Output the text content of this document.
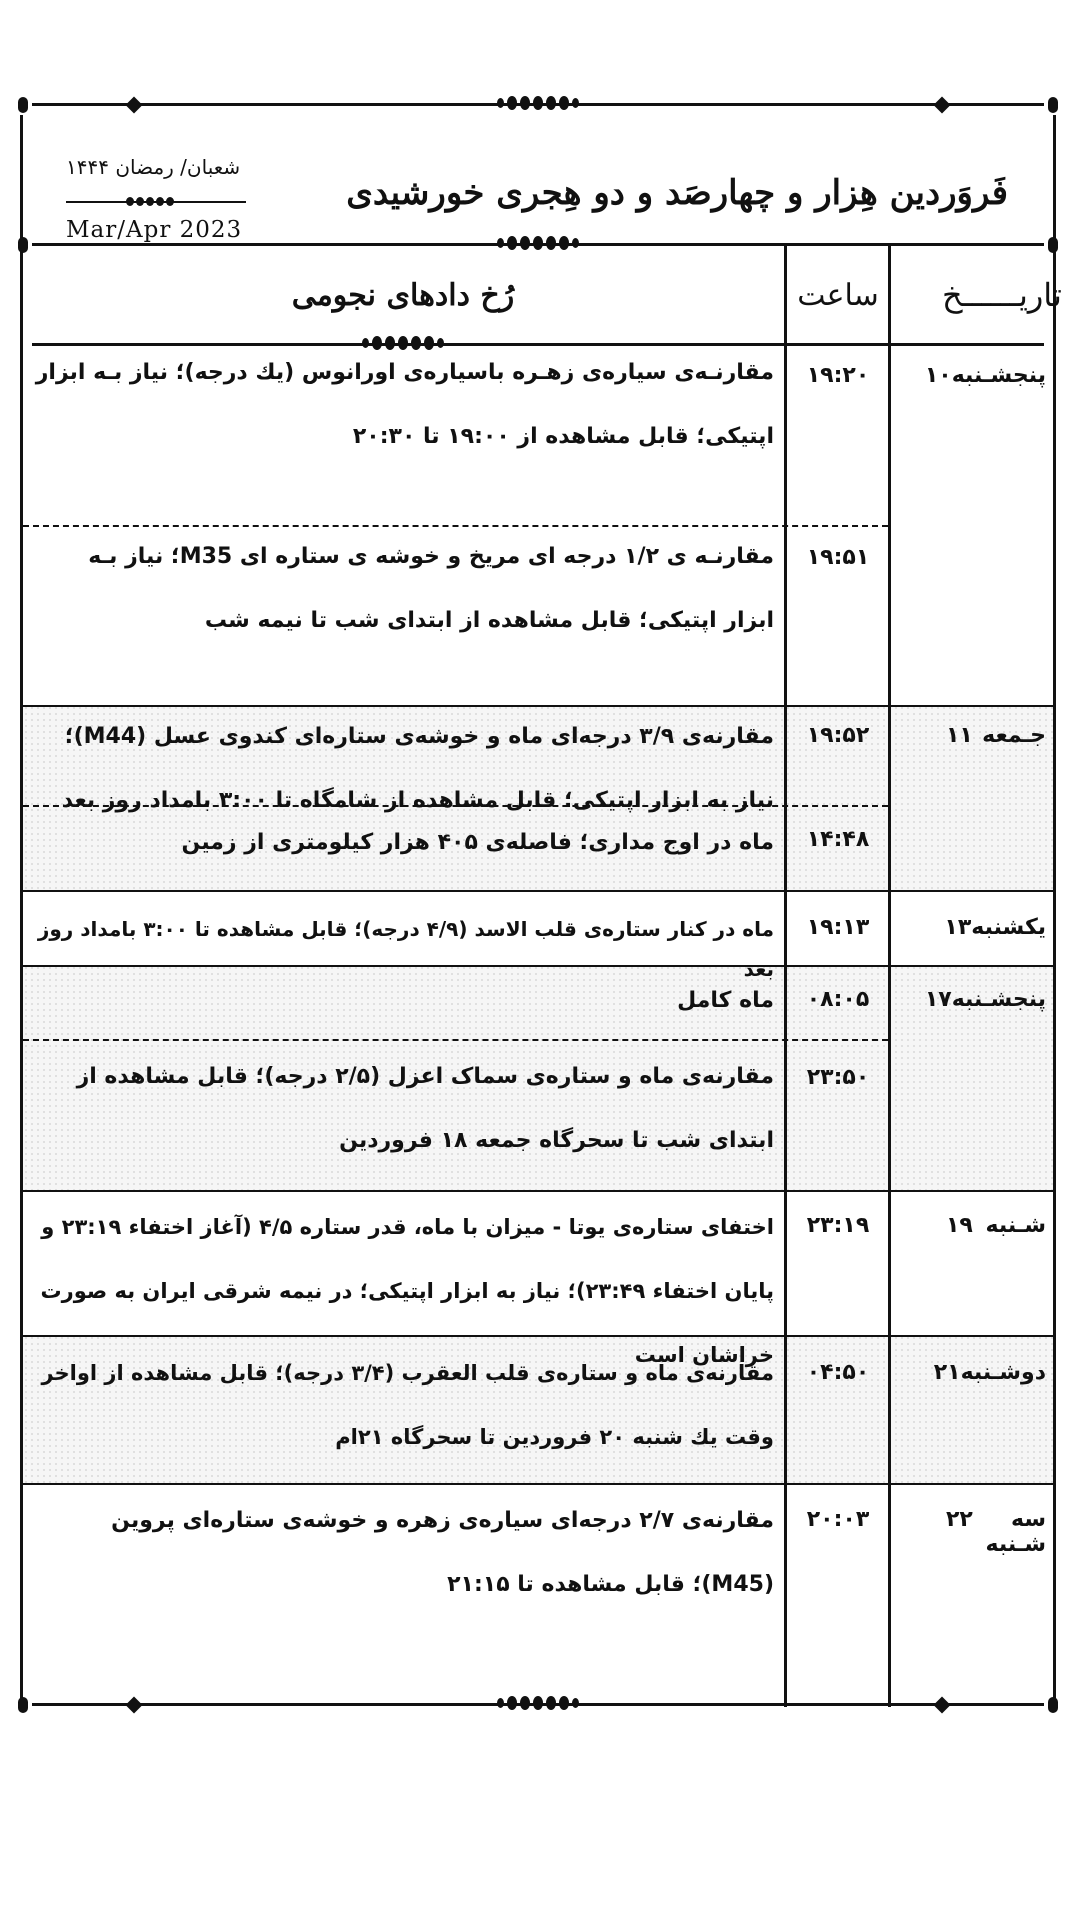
فَروَردین هِزار و چهارصَد و دو هِجری خورشیدی
شعبان/ رمضان ۱۴۴۴
Mar/Apr 2023
تاریــــــخ
ساعت
رُخ دادهای نجومی
پنجشـنبه
۱۰
۱۹:۲۰
مقارنـه‌ی سیاره‌ی زهـره باسیاره‌ی اورانوس (یك درجه)؛ نیاز بـه ابزار اپتیکی؛ قابل مشاهده از ۱۹:۰۰ تا ۲۰:۳۰
۱۹:۵۱
مقارنـه ی ۱/۲ درجه ای مریخ و خوشه ی ستاره ای M35؛ نیاز بـه ابزار اپتیکی؛ قابل مشاهده از ابتدای شب تا نیمه شب
جـمعه
۱۱
۱۹:۵۲
مقارنه‌ی ۳/۹ درجه‌ای ماه و خوشه‌ی ستاره‌ای کندوی عسل (M44)؛ نیاز به ابزار اپتیکی؛ قابل مشاهده از شامگاه تا ۳:۰۰ بامداد روز بعد
۱۴:۴۸
ماه در اوج مداری؛ فاصله‌ی ۴۰۵ هزار کیلومتری از زمین
یکشنبه
۱۳
۱۹:۱۳
ماه در کنار ستاره‌ی قلب الاسد (۴/۹ درجه)؛ قابل مشاهده تا ۳:۰۰ بامداد روز بعد
پنجشـنبه
۱۷
۰۸:۰۵
ماه کامل
۲۳:۵۰
مقارنه‌ی ماه و ستاره‌ی سماک اعزل (۲/۵ درجه)؛ قابل مشاهده از ابتدای شب تا سحرگاه جمعه ۱۸ فروردین
شـنبه
۱۹
۲۳:۱۹
اختفای ستاره‌ی یوتا - میزان با ماه، قدر ستاره ۴/۵ (آغاز اختفاء ۲۳:۱۹ و پایان اختفاء ۲۳:۴۹)؛ نیاز به ابزار اپتیکی؛ در نیمه شرقی ایران به صورت خراشان است
دوشـنبه
۲۱
۰۴:۵۰
مقارنه‌ی ماه و ستاره‌ی قلب العقرب (۳/۴ درجه)؛ قابل مشاهده از اواخر وقت یك شنبه ۲۰ فروردین تا سحرگاه ۲۱ام
سه شـنبه
۲۲
۲۰:۰۳
مقارنه‌ی ۲/۷ درجه‌ای سیاره‌ی زهره و خوشه‌ی ستاره‌ای پروین (M45)؛ قابل مشاهده تا ۲۱:۱۵
